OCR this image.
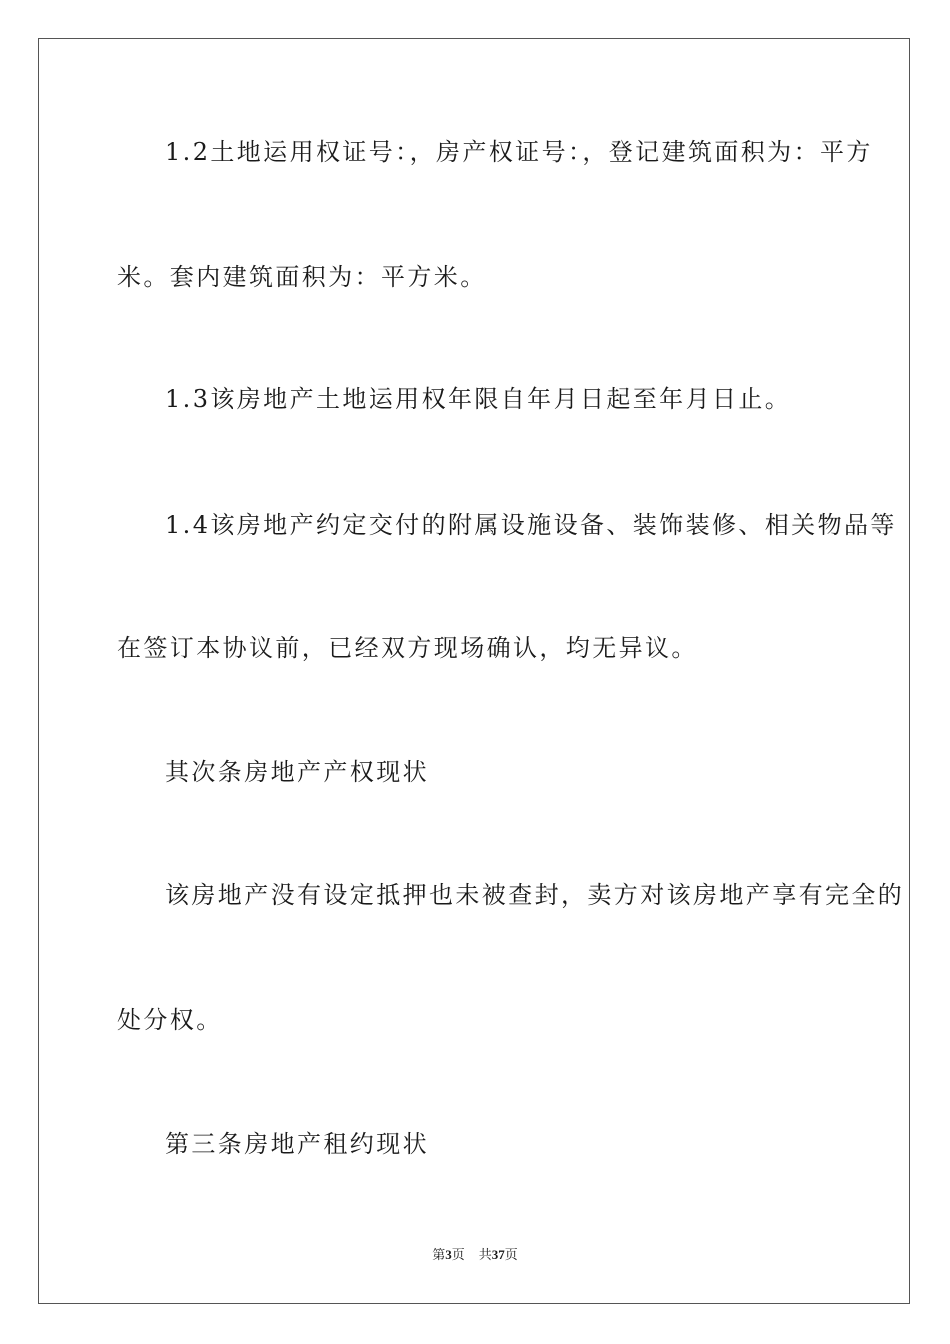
1.2土地运用权证号：，房产权证号：，登记建筑面积为：平方
米。套内建筑面积为：平方米。
1.3该房地产土地运用权年限自年月日起至年月日止。
1.4该房地产约定交付的附属设施设备、装饰装修、相关物品等
在签订本协议前，已经双方现场确认，均无异议。
其次条房地产产权现状
该房地产没有设定抵押也未被查封，卖方对该房地产享有完全的
处分权。
第三条房地产租约现状
第3页 共37页
